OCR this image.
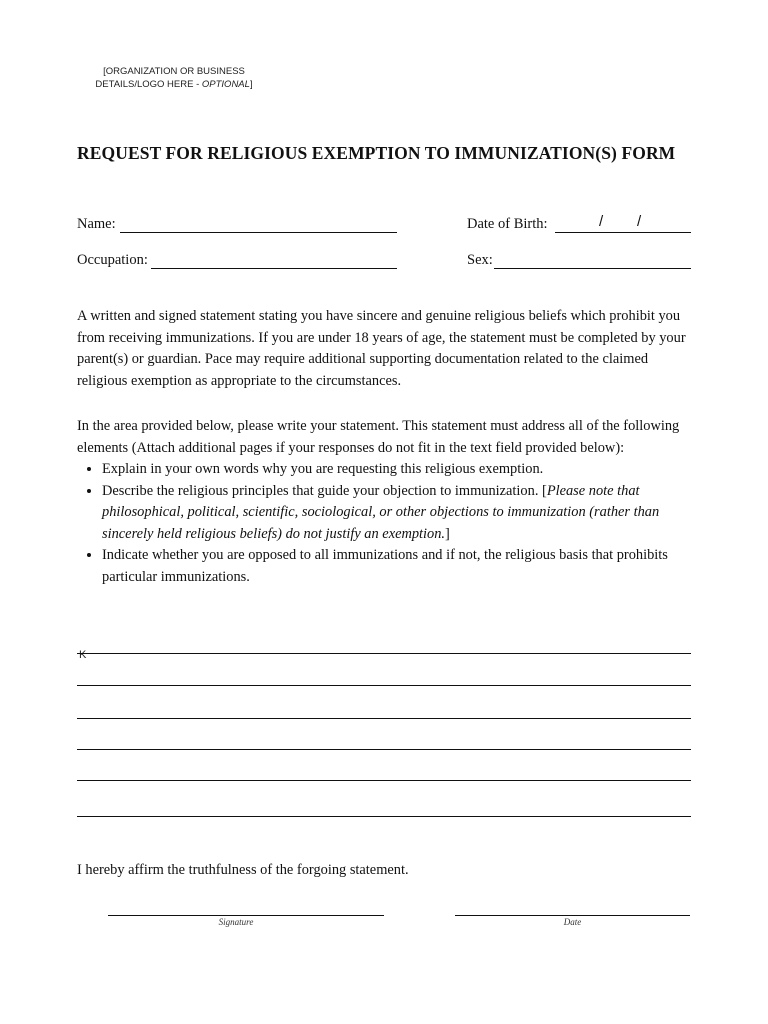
[ORGANIZATION OR BUSINESS
DETAILS/LOGO HERE - OPTIONAL]
REQUEST FOR RELIGIOUS EXEMPTION TO IMMUNIZATION(S) FORM
Name:	Date of Birth:	/ /
Occupation:	Sex:
A written and signed statement stating you have sincere and genuine religious beliefs which prohibit you from receiving immunizations. If you are under 18 years of age, the statement must be completed by your parent(s) or guardian. Pace may require additional supporting documentation related to the claimed religious exemption as appropriate to the circumstances.
In the area provided below, please write your statement. This statement must address all of the following elements (Attach additional pages if your responses do not fit in the text field provided below):
• Explain in your own words why you are requesting this religious exemption.
• Describe the religious principles that guide your objection to immunization. [Please note that philosophical, political, scientific, sociological, or other objections to immunization (rather than sincerely held religious beliefs) do not justify an exemption.]
• Indicate whether you are opposed to all immunizations and if not, the religious basis that prohibits particular immunizations.
K
I hereby affirm the truthfulness of the forgoing statement.
Signature	Date
